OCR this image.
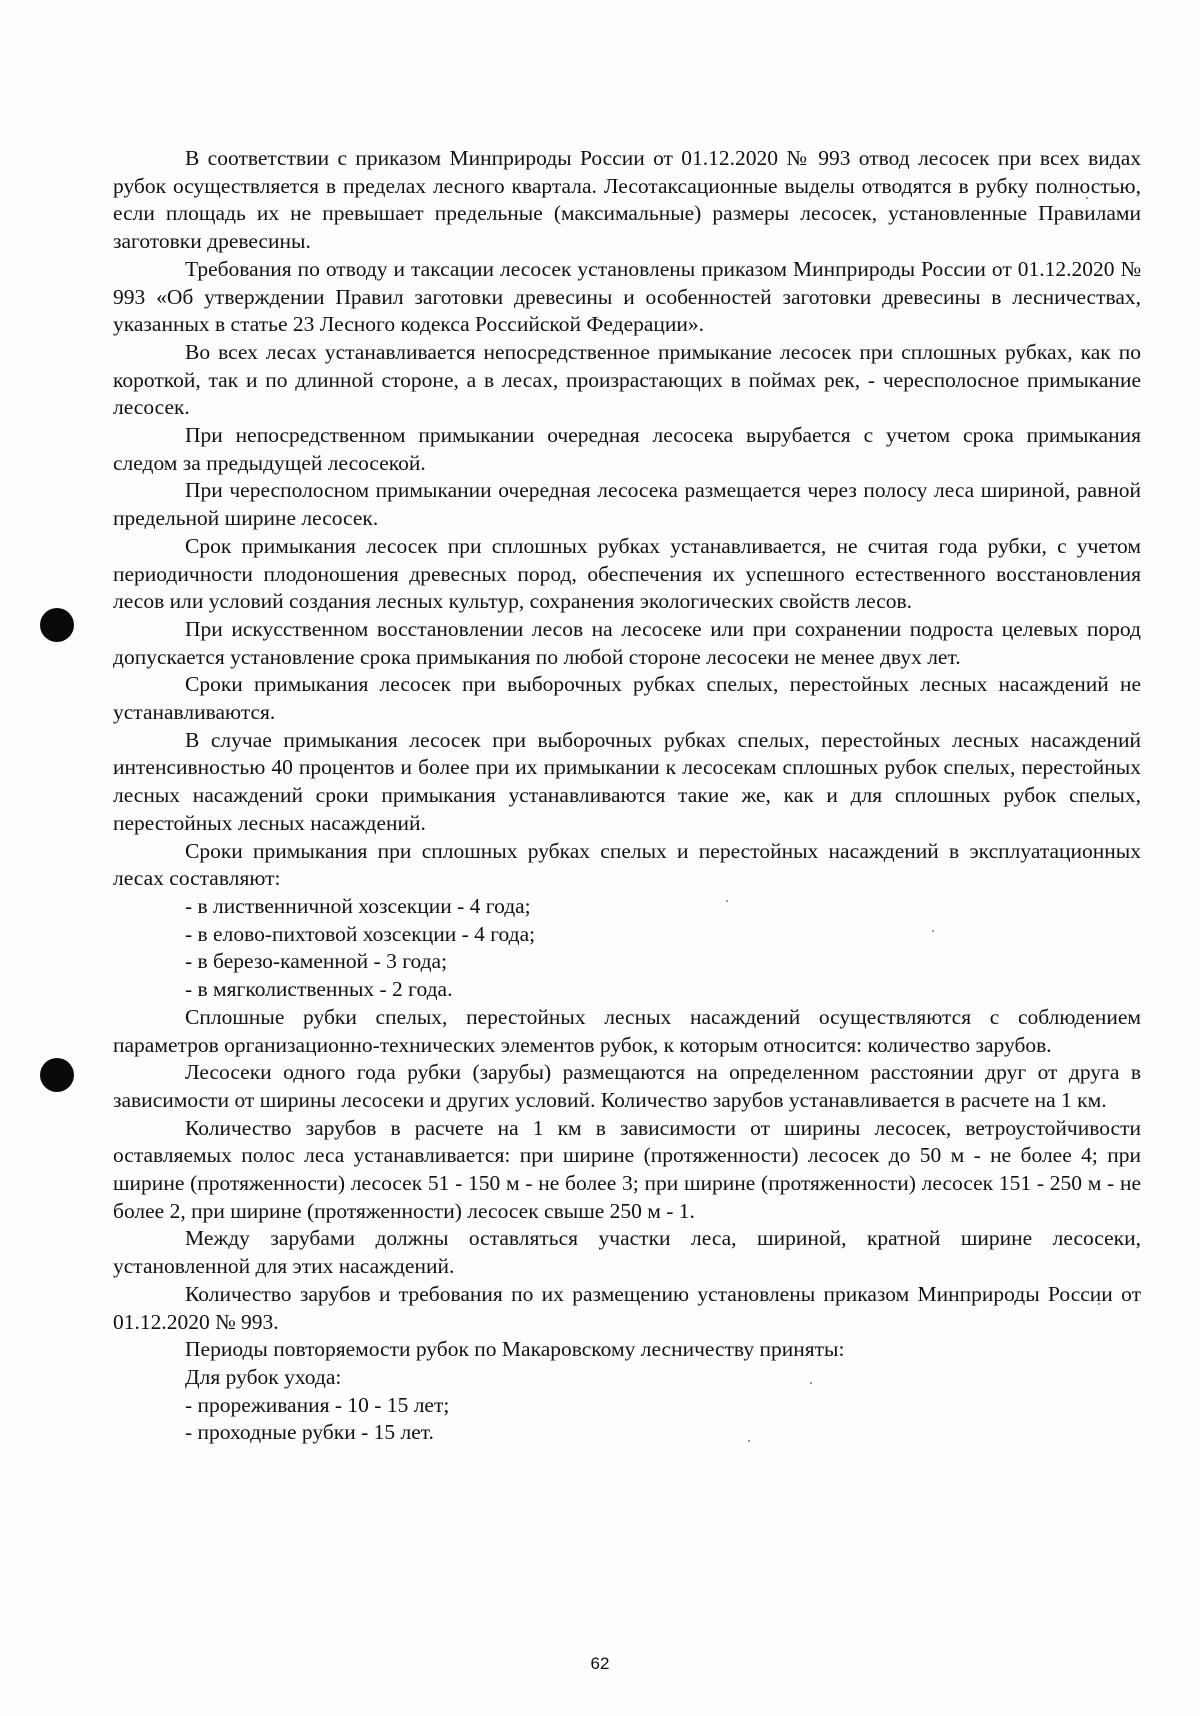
В соответствии с приказом Минприроды России от 01.12.2020 № 993 отвод лесосек при всех видах рубок осуществляется в пределах лесного квартала. Лесотаксационные выделы отводятся в рубку полностью, если площадь их не превышает предельные (максимальные) размеры лесосек, установленные Правилами заготовки древесины.

Требования по отводу и таксации лесосек установлены приказом Минприроды России от 01.12.2020 № 993 «Об утверждении Правил заготовки древесины и особенностей заготовки древесины в лесничествах, указанных в статье 23 Лесного кодекса Российской Федерации».

Во всех лесах устанавливается непосредственное примыкание лесосек при сплошных рубках, как по короткой, так и по длинной стороне, а в лесах, произрастающих в поймах рек, - чересполосное примыкание лесосек.

При непосредственном примыкании очередная лесосека вырубается с учетом срока примыкания следом за предыдущей лесосекой.

При чересполосном примыкании очередная лесосека размещается через полосу леса шириной, равной предельной ширине лесосек.

Срок примыкания лесосек при сплошных рубках устанавливается, не считая года рубки, с учетом периодичности плодоношения древесных пород, обеспечения их успешного естественного восстановления лесов или условий создания лесных культур, сохранения экологических свойств лесов.

При искусственном восстановлении лесов на лесосеке или при сохранении подроста целевых пород допускается установление срока примыкания по любой стороне лесосеки не менее двух лет.

Сроки примыкания лесосек при выборочных рубках спелых, перестойных лесных насаждений не устанавливаются.

В случае примыкания лесосек при выборочных рубках спелых, перестойных лесных насаждений интенсивностью 40 процентов и более при их примыкании к лесосекам сплошных рубок спелых, перестойных лесных насаждений сроки примыкания устанавливаются такие же, как и для сплошных рубок спелых, перестойных лесных насаждений.

Сроки примыкания при сплошных рубках спелых и перестойных насаждений в эксплуатационных лесах составляют:

- в лиственничной хозсекции - 4 года;

- в елово-пихтовой хозсекции - 4 года;

- в березо-каменной - 3 года;

- в мягколиственных - 2 года.

Сплошные рубки спелых, перестойных лесных насаждений осуществляются с соблюдением параметров организационно-технических элементов рубок, к которым относится: количество зарубов.

Лесосеки одного года рубки (зарубы) размещаются на определенном расстоянии друг от друга в зависимости от ширины лесосеки и других условий. Количество зарубов устанавливается в расчете на 1 км.

Количество зарубов в расчете на 1 км в зависимости от ширины лесосек, ветроустойчивости оставляемых полос леса устанавливается: при ширине (протяженности) лесосек до 50 м - не более 4; при ширине (протяженности) лесосек 51 - 150 м - не более 3; при ширине (протяженности) лесосек 151 - 250 м - не более 2, при ширине (протяженности) лесосек свыше 250 м - 1.

Между зарубами должны оставляться участки леса, шириной, кратной ширине лесосеки, установленной для этих насаждений.

Количество зарубов и требования по их размещению установлены приказом Минприроды России от 01.12.2020 № 993.

Периоды повторяемости рубок по Макаровскому лесничеству приняты:

Для рубок ухода:

- прореживания - 10 - 15 лет;

- проходные рубки - 15 лет.

62
